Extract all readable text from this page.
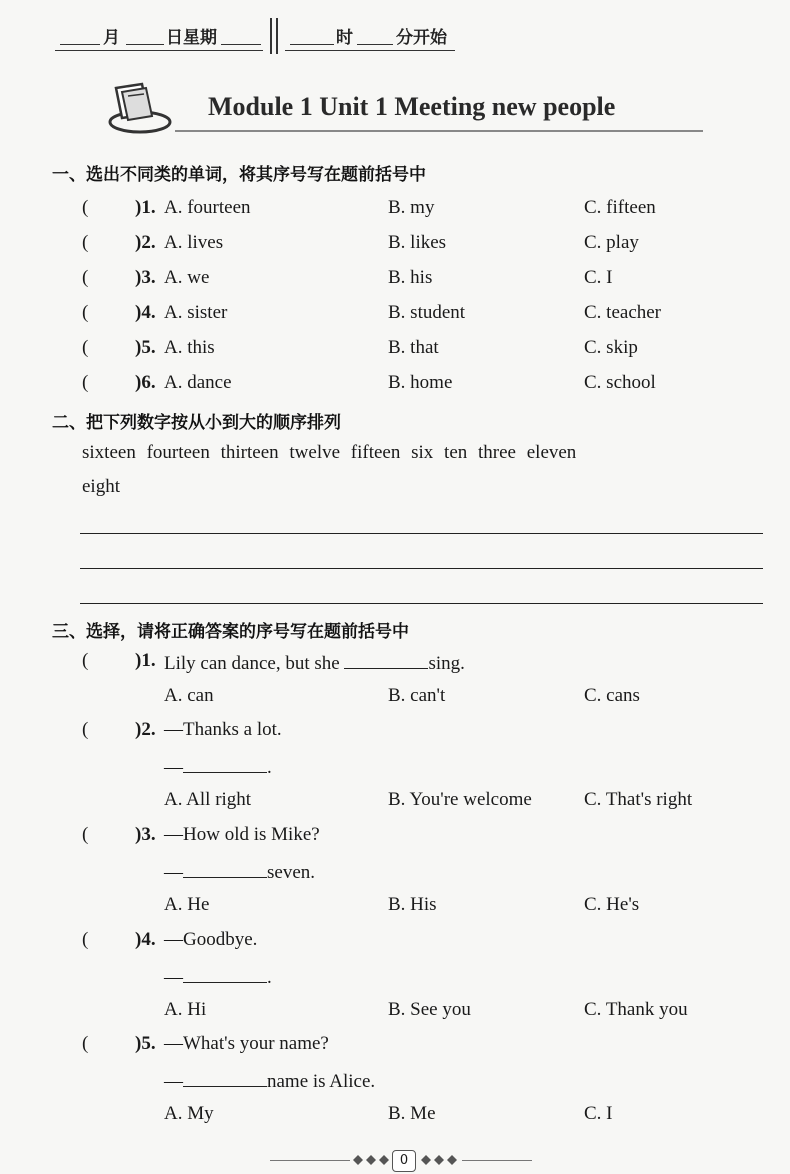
月	日星期	时	分开始
Module 1 Unit 1 Meeting new people
一、选出不同类的单词，将其序号写在题前括号中
( )1. A. fourteen	B. my	C. fifteen
( )2. A. lives	B. likes	C. play
( )3. A. we	B. his	C. I
( )4. A. sister	B. student	C. teacher
( )5. A. this	B. that	C. skip
( )6. A. dance	B. home	C. school
二、把下列数字按从小到大的顺序排列
sixteen fourteen thirteen twelve fifteen six ten three eleven
eight
三、选择，请将正确答案的序号写在题前括号中
( )1. Lily can dance, but she	sing.
A. can	B. can't	C. cans
( )2. —Thanks a lot.
—	.
A. All right	B. You're welcome	C. That's right
( )3. —How old is Mike?
—	seven.
A. He	B. His	C. He's
( )4. —Goodbye.
—	.
A. Hi	B. See you	C. Thank you
( )5. —What's your name?
—	name is Alice.
A. My	B. Me	C. I
0
